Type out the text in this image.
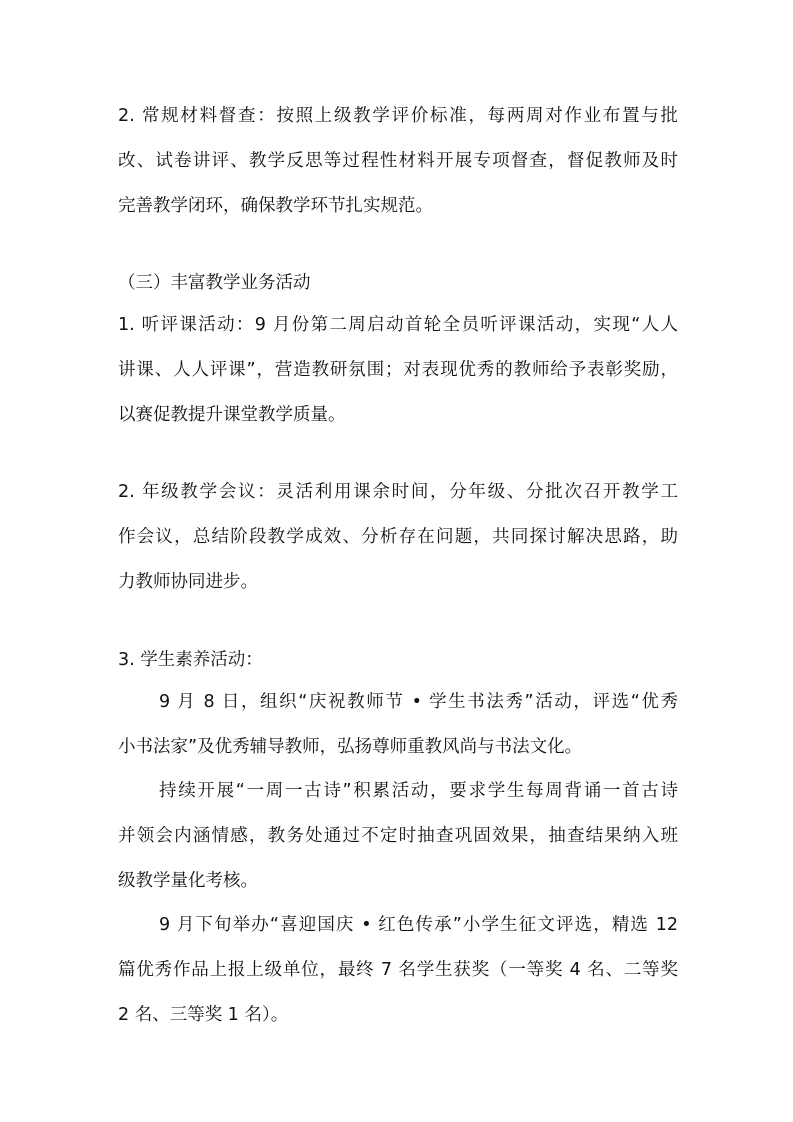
2. 常规材料督查：按照上级教学评价标准，每两周对作业布置与批
改、试卷讲评、教学反思等过程性材料开展专项督查，督促教师及时
完善教学闭环，确保教学环节扎实规范。
（三）丰富教学业务活动
1. 听评课活动：9 月份第二周启动首轮全员听评课活动，实现“人人
讲课、人人评课”，营造教研氛围；对表现优秀的教师给予表彰奖励，
以赛促教提升课堂教学质量。
2. 年级教学会议：灵活利用课余时间，分年级、分批次召开教学工
作会议，总结阶段教学成效、分析存在问题，共同探讨解决思路，助
力教师协同进步。
3. 学生素养活动：
9 月 8 日，组织“庆祝教师节 • 学生书法秀”活动，评选“优秀
小书法家”及优秀辅导教师，弘扬尊师重教风尚与书法文化。
持续开展“一周一古诗”积累活动，要求学生每周背诵一首古诗
并领会内涵情感，教务处通过不定时抽查巩固效果，抽查结果纳入班
级教学量化考核。
9 月下旬举办“喜迎国庆 • 红色传承”小学生征文评选，精选 12
篇优秀作品上报上级单位，最终 7 名学生获奖（一等奖 4 名、二等奖
2 名、三等奖 1 名）。
